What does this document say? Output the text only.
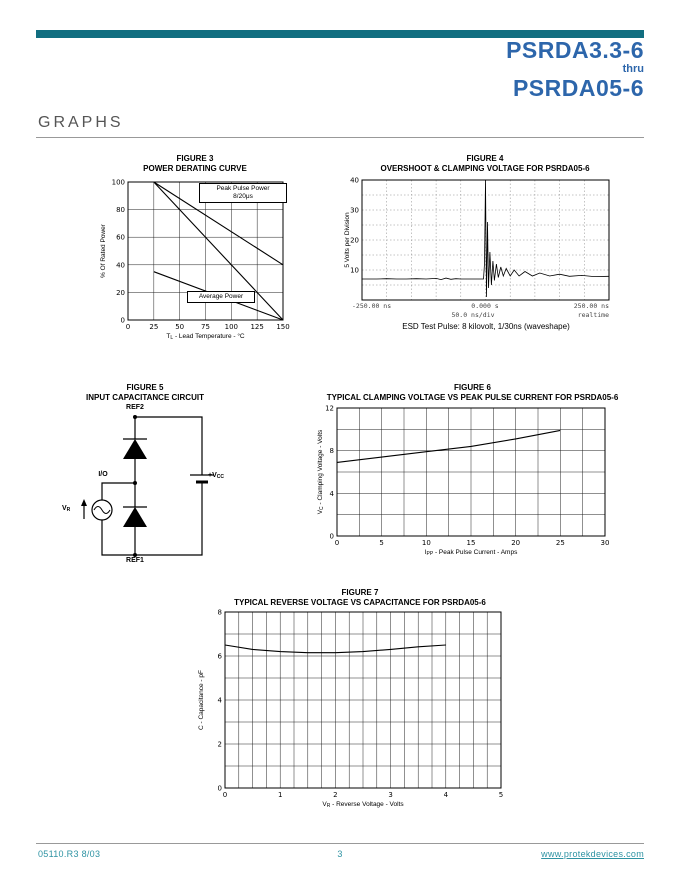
PSRDA3.3-6
thru
PSRDA05-6
GRAPHS
FIGURE 3
POWER DERATING CURVE
0	25 50 75 100 125 150
0
20
40
60
80
100
% Of Rated Power
$T_L$ - Lead Temperature - °C
Peak Pulse Power
8/20μs
Average Power
FIGURE 4
OVERSHOOT & CLAMPING VOLTAGE FOR PSRDA05-6
10
20
30
40
5 Volts per Division
-250.00 ns	0.000 s	250.00 ns
50.0 ns/div	realtime
ESD Test Pulse: 8 kilovolt, 1/30ns (waveshape)
FIGURE 5
INPUT CAPACITANCE CIRCUIT
REF2
REF1
I/O
$V_R$
$+V_{CC}$
FIGURE 6
TYPICAL CLAMPING VOLTAGE VS PEAK PULSE CURRENT FOR PSRDA05-6
0	5	10	15	20	25	30
0
4
8
12
$V_C$ - Clamping Voltage - Volts
$I_{PP}$ - Peak Pulse Current - Amps
FIGURE 7
TYPICAL REVERSE VOLTAGE VS CAPACITANCE FOR PSRDA05-6
0	1	2	3	4	5
0
2
4
6
8
C - Capacitance - pF
$V_R$ - Reverse Voltage - Volts
05110.R3 8/03	3	www.protekdevices.com
